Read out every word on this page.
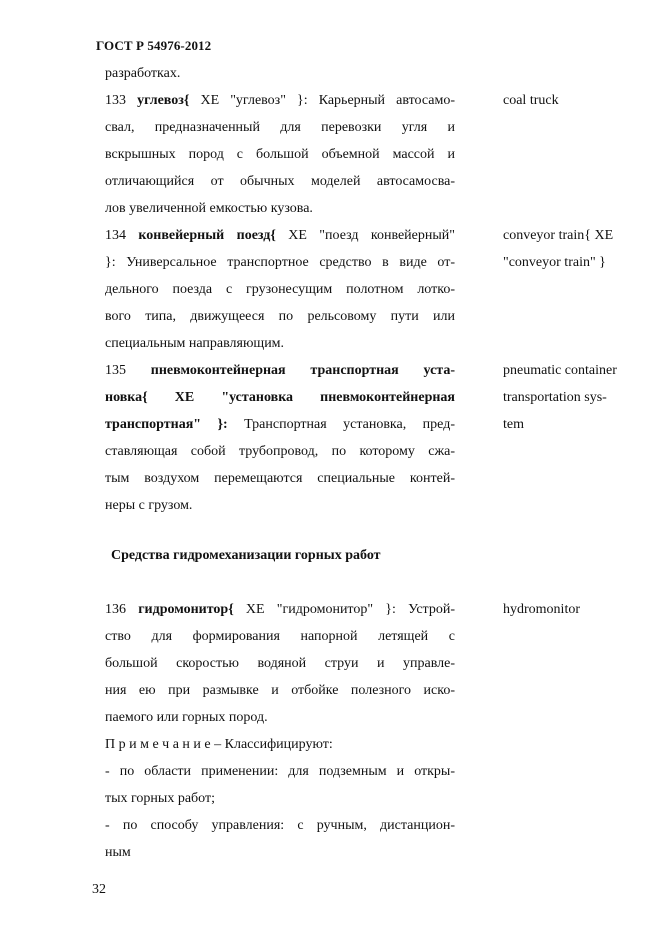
ГОСТ Р 54976-2012
разработках.
133 углевоз{ XE "углевоз" }: Карьерный автосамо-
свал, предназначенный для перевозки угля и
вскрышных пород с большой объемной массой и
отличающийся от обычных моделей автосамосва-
лов увеличенной емкостью кузова.
134 конвейерный поезд{ XE "поезд конвейерный"
}: Универсальное транспортное средство в виде от-
дельного поезда с грузонесущим полотном лотко-
вого типа, движущееся по рельсовому пути или
специальным направляющим.
135 пневмоконтейнерная транспортная уста-
новка{ XE "установка пневмоконтейнерная
транспортная" }: Транспортная установка, пред-
ставляющая собой трубопровод, по которому сжа-
тым воздухом перемещаются специальные контей-
неры с грузом.
coal truck
conveyor train{ XE
"conveyor train" }
pneumatic container
transportation sys-
tem
Средства гидромеханизации горных работ
136 гидромонитор{ XE "гидромонитор" }: Устрой-
ство для формирования напорной летящей с
большой скоростью водяной струи и управле-
ния ею при размывке и отбойке полезного иско-
паемого или горных пород.
П р и м е ч а н и е – Классифицируют:
- по области применении: для подземным и откры-
тых горных работ;
- по способу управления: с ручным, дистанцион-
ным
hydromonitor
32
